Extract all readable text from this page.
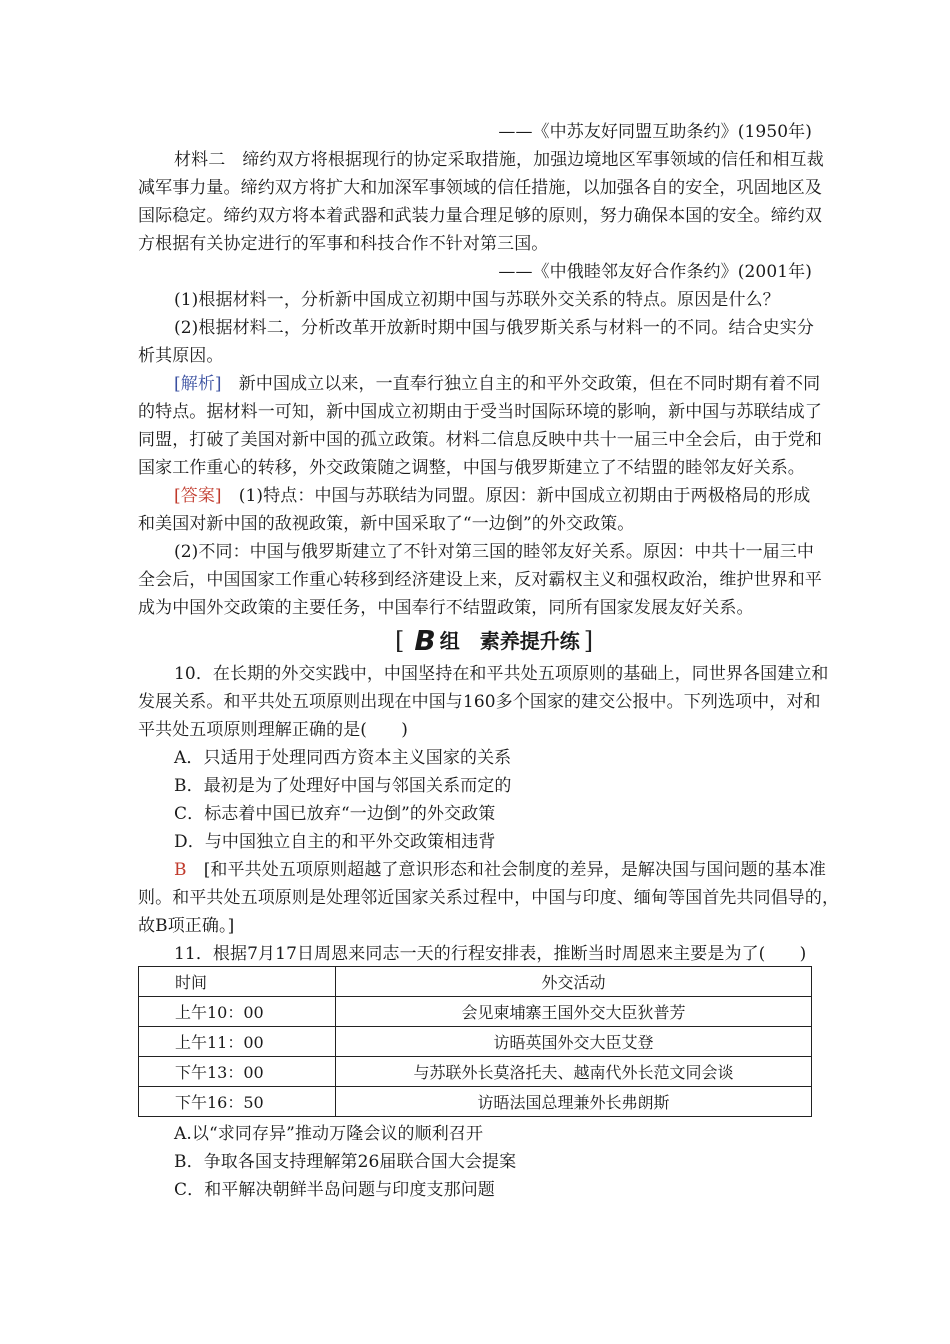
——《中苏友好同盟互助条约》(1950年)
材料二　缔约双方将根据现行的协定采取措施，加强边境地区军事领域的信任和相互裁
减军事力量。缔约双方将扩大和加深军事领域的信任措施，以加强各自的安全，巩固地区及
国际稳定。缔约双方将本着武器和武装力量合理足够的原则，努力确保本国的安全。缔约双
方根据有关协定进行的军事和科技合作不针对第三国。
——《中俄睦邻友好合作条约》(2001年)
(1)根据材料一，分析新中国成立初期中国与苏联外交关系的特点。原因是什么？
(2)根据材料二，分析改革开放新时期中国与俄罗斯关系与材料一的不同。结合史实分
析其原因。
[解析]　新中国成立以来，一直奉行独立自主的和平外交政策，但在不同时期有着不同
的特点。据材料一可知，新中国成立初期由于受当时国际环境的影响，新中国与苏联结成了
同盟，打破了美国对新中国的孤立政策。材料二信息反映中共十一届三中全会后，由于党和
国家工作重心的转移，外交政策随之调整，中国与俄罗斯建立了不结盟的睦邻友好关系。
[答案]　(1)特点：中国与苏联结为同盟。原因：新中国成立初期由于两极格局的形成
和美国对新中国的敌视政策，新中国采取了“一边倒”的外交政策。
(2)不同：中国与俄罗斯建立了不针对第三国的睦邻友好关系。原因：中共十一届三中
全会后，中国国家工作重心转移到经济建设上来，反对霸权主义和强权政治，维护世界和平
成为中国外交政策的主要任务，中国奉行不结盟政策，同所有国家发展友好关系。
[ B 组　素养提升练 ]
10．在长期的外交实践中，中国坚持在和平共处五项原则的基础上，同世界各国建立和
发展关系。和平共处五项原则出现在中国与160多个国家的建交公报中。下列选项中，对和
平共处五项原则理解正确的是(　　)
A．只适用于处理同西方资本主义国家的关系
B．最初是为了处理好中国与邻国关系而定的
C．标志着中国已放弃“一边倒”的外交政策
D．与中国独立自主的和平外交政策相违背
B　[和平共处五项原则超越了意识形态和社会制度的差异，是解决国与国问题的基本准
则。和平共处五项原则是处理邻近国家关系过程中，中国与印度、缅甸等国首先共同倡导的，
故B项正确。]
11．根据7月17日周恩来同志一天的行程安排表，推断当时周恩来主要是为了(　　)
时间	外交活动
上午10：00	会见柬埔寨王国外交大臣狄普芳
上午11：00	访晤英国外交大臣艾登
下午13：00	与苏联外长莫洛托夫、越南代外长范文同会谈
下午16：50	访晤法国总理兼外长弗朗斯
A.以“求同存异”推动万隆会议的顺利召开
B．争取各国支持理解第26届联合国大会提案
C．和平解决朝鲜半岛问题与印度支那问题
